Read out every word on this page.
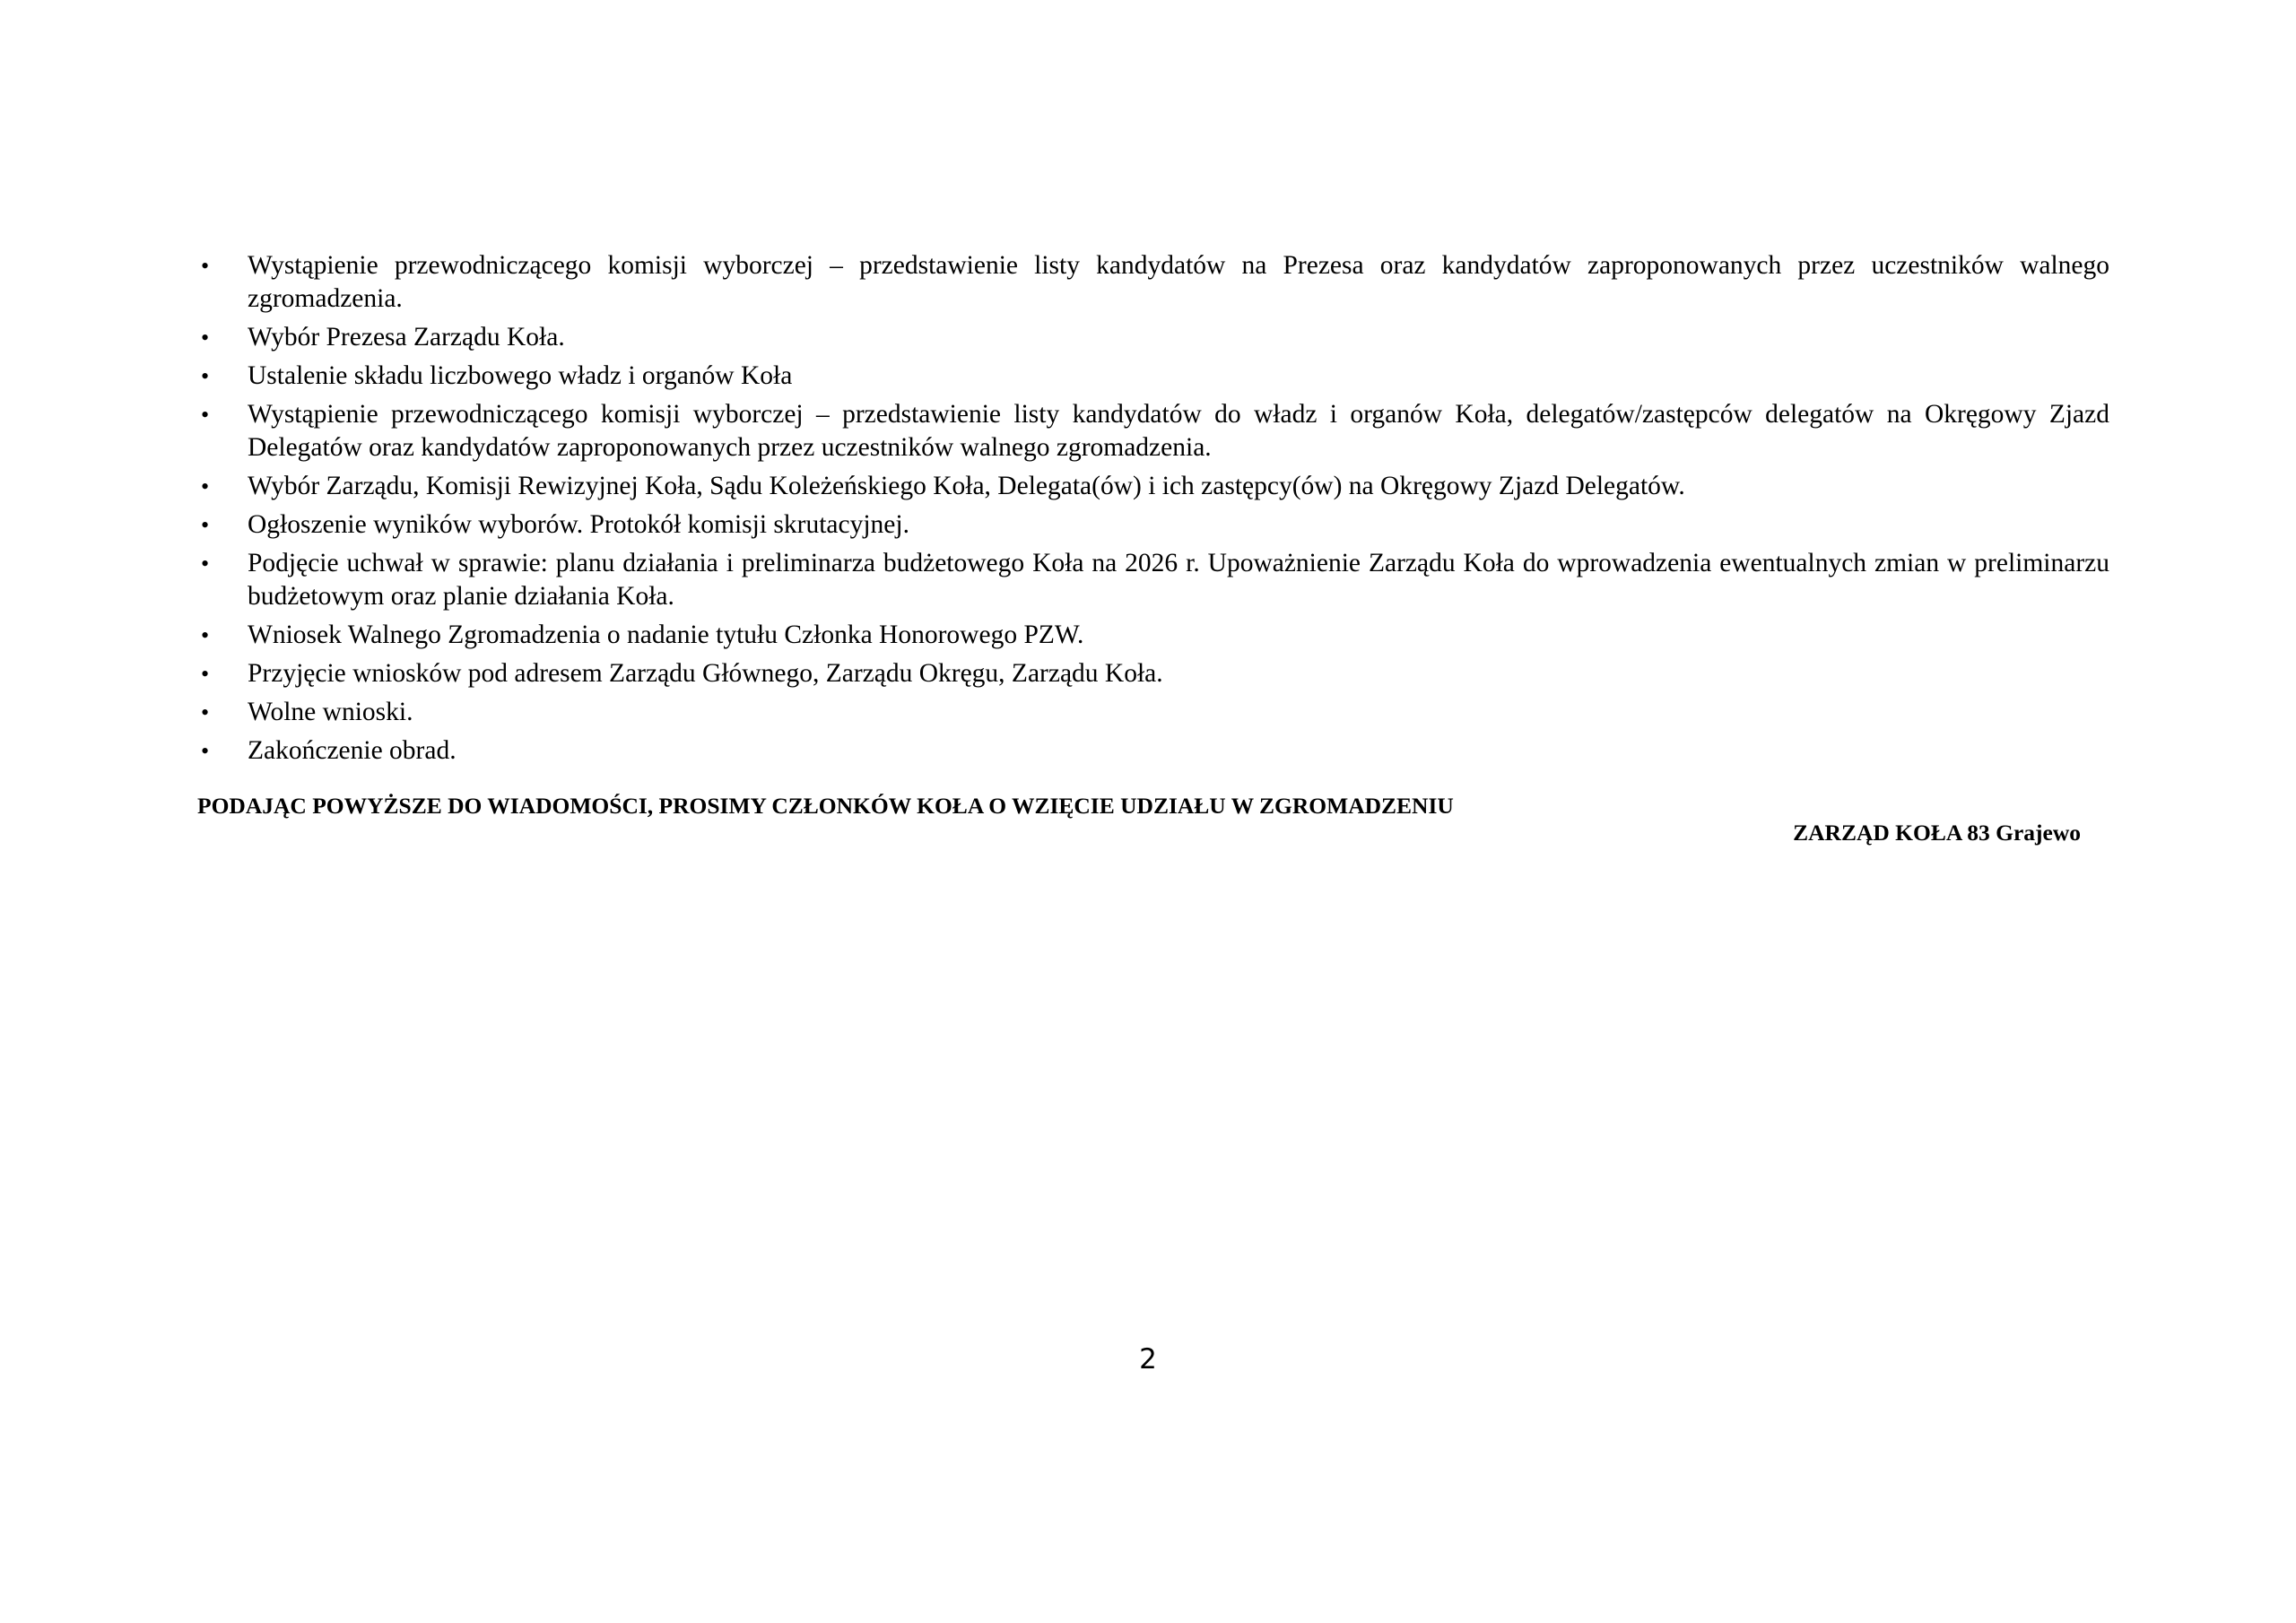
• Wystąpienie przewodniczącego komisji wyborczej – przedstawienie listy kandydatów na Prezesa oraz kandydatów zaproponowanych przez uczestników walnego zgromadzenia.
• Wybór Prezesa Zarządu Koła.
• Ustalenie składu liczbowego władz i organów Koła
• Wystąpienie przewodniczącego komisji wyborczej – przedstawienie listy kandydatów do władz i organów Koła, delegatów/zastępców delegatów na Okręgowy Zjazd Delegatów oraz kandydatów zaproponowanych przez uczestników walnego zgromadzenia.
• Wybór Zarządu, Komisji Rewizyjnej Koła, Sądu Koleżeńskiego Koła, Delegata(ów) i ich zastępcy(ów) na Okręgowy Zjazd Delegatów.
• Ogłoszenie wyników wyborów. Protokół komisji skrutacyjnej.
• Podjęcie uchwał w sprawie: planu działania i preliminarza budżetowego Koła na 2026 r. Upoważnienie Zarządu Koła do wprowadzenia ewentualnych zmian w preliminarzu budżetowym oraz planie działania Koła.
• Wniosek Walnego Zgromadzenia o nadanie tytułu Członka Honorowego PZW.
• Przyjęcie wniosków pod adresem Zarządu Głównego, Zarządu Okręgu, Zarządu Koła.
• Wolne wnioski.
• Zakończenie obrad.
PODAJĄC POWYŻSZE DO WIADOMOŚCI, PROSIMY CZŁONKÓW KOŁA O WZIĘCIE UDZIAŁU W ZGROMADZENIU
ZARZĄD KOŁA 83 Grajewo
2
